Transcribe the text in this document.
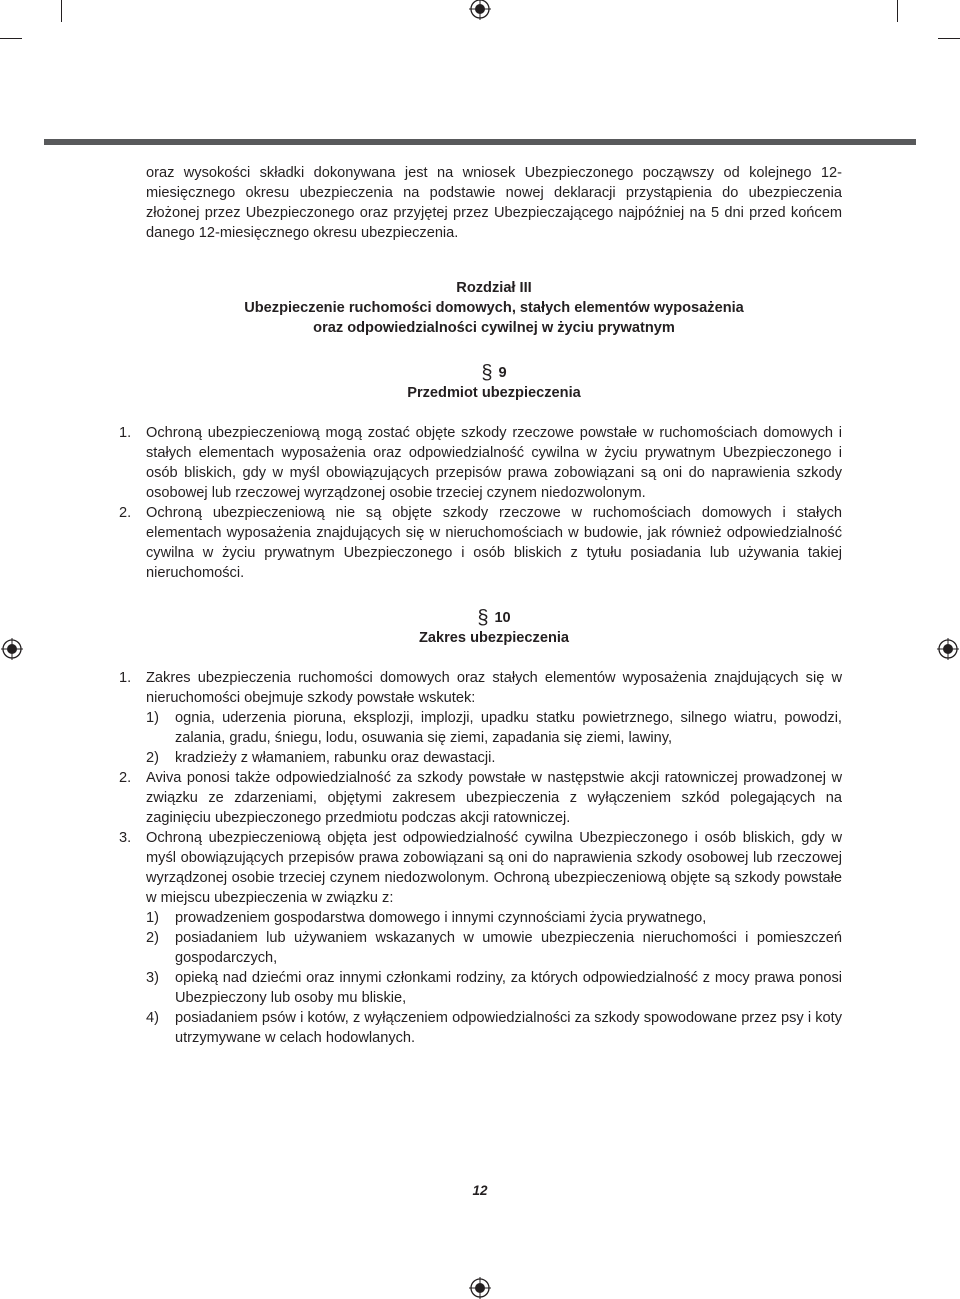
oraz wysokości składki dokonywana jest na wniosek Ubezpieczonego począwszy od kolejnego 12-miesięcznego okresu ubezpieczenia na podstawie nowej deklaracji przystąpienia do ubezpieczenia złożonej przez Ubezpieczonego oraz przyjętej przez Ubezpieczającego najpóźniej na 5 dni przed końcem danego 12-miesięcznego okresu ubezpieczenia.

Rozdział III
Ubezpieczenie ruchomości domowych, stałych elementów wyposażenia
oraz odpowiedzialności cywilnej w życiu prywatnym
§ 9
Przedmiot ubezpieczenia
1. Ochroną ubezpieczeniową mogą zostać objęte szkody rzeczowe powstałe w ruchomościach domowych i stałych elementach wyposażenia oraz odpowiedzialność cywilna w życiu prywatnym Ubezpieczonego i osób bliskich, gdy w myśl obowiązujących przepisów prawa zobowiązani są oni do naprawienia szkody osobowej lub rzeczowej wyrządzonej osobie trzeciej czynem niedozwolonym.
2. Ochroną ubezpieczeniową nie są objęte szkody rzeczowe w ruchomościach domowych i stałych elementach wyposażenia znajdujących się w nieruchomościach w budowie, jak również odpowiedzialność cywilna w życiu prywatnym Ubezpieczonego i osób bliskich z tytułu posiadania lub używania takiej nieruchomości.
§ 10
Zakres ubezpieczenia
1. Zakres ubezpieczenia ruchomości domowych oraz stałych elementów wyposażenia znajdujących się w nieruchomości obejmuje szkody powstałe wskutek:
1) ognia, uderzenia pioruna, eksplozji, implozji, upadku statku powietrznego, silnego wiatru, powodzi, zalania, gradu, śniegu, lodu, osuwania się ziemi, zapadania się ziemi, lawiny,
2) kradzieży z włamaniem, rabunku oraz dewastacji.
2. Aviva ponosi także odpowiedzialność za szkody powstałe w następstwie akcji ratowniczej prowadzonej w związku ze zdarzeniami, objętymi zakresem ubezpieczenia z wyłączeniem szkód polegających na zaginięciu ubezpieczonego przedmiotu podczas akcji ratowniczej.
3. Ochroną ubezpieczeniową objęta jest odpowiedzialność cywilna Ubezpieczonego i osób bliskich, gdy w myśl obowiązujących przepisów prawa zobowiązani są oni do naprawienia szkody osobowej lub rzeczowej wyrządzonej osobie trzeciej czynem niedozwolonym. Ochroną ubezpieczeniową objęte są szkody powstałe w miejscu ubezpieczenia w związku z:
1) prowadzeniem gospodarstwa domowego i innymi czynnościami życia prywatnego,
2) posiadaniem lub używaniem wskazanych w umowie ubezpieczenia nieruchomości i pomieszczeń gospodarczych,
3) opieką nad dziećmi oraz innymi członkami rodziny, za których odpowiedzialność z mocy prawa ponosi Ubezpieczony lub osoby mu bliskie,
4) posiadaniem psów i kotów, z wyłączeniem odpowiedzialności za szkody spowodowane przez psy i koty utrzymywane w celach hodowlanych.
12
